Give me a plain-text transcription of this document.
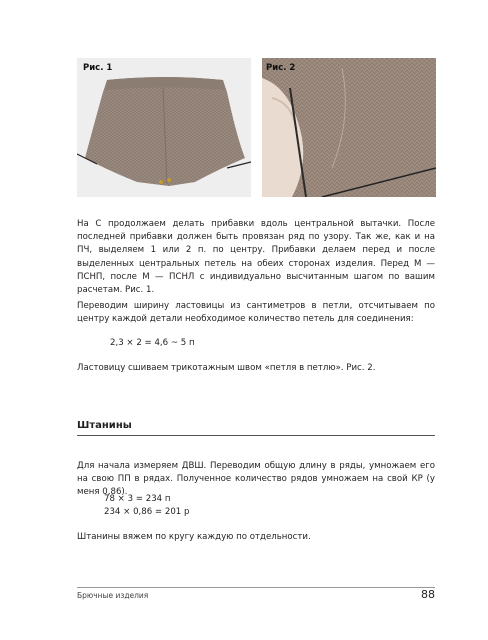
Рис. 1	Рис. 2

На С продолжаем делать прибавки вдоль центральной вытачки. После последней прибавки должен быть провязан ряд по узору. Так же, как и на ПЧ, выделяем 1 или 2 п. по центру. Прибавки делаем перед и после выделенных центральных петель на обеих сторонах изделия. Перед М — ПСНП, после М — ПСНЛ с индивидуально высчитанным шагом по вашим расчетам. Рис. 1.

Переводим ширину ластовицы из сантиметров в петли, отсчитываем по центру каждой детали необходимое количество петель для соединения:

2,3 × 2 = 4,6 ~ 5 п

Ластовицу сшиваем трикотажным швом «петля в петлю». Рис. 2.

Штанины

Для начала измеряем ДВШ. Переводим общую длину в ряды, умножаем его на свою ПП в рядах. Полученное количество рядов умножаем на свой КР (у меня 0,86).

78 × 3 = 234 п

234 × 0,86 = 201 р

Штанины вяжем по кругу каждую по отдельности.

Брючные изделия	88
